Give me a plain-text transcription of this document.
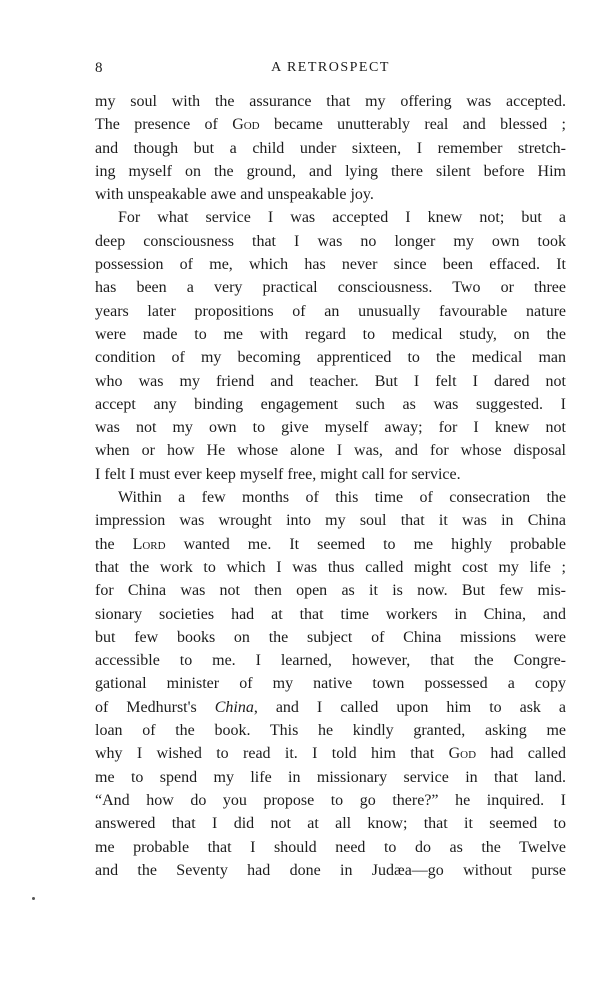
8	A RETROSPECT
my soul with the assurance that my offering was accepted.
The presence of God became unutterably real and blessed ;
and though but a child under sixteen, I remember stretch-
ing myself on the ground, and lying there silent before Him
with unspeakable awe and unspeakable joy.
For what service I was accepted I knew not; but a
deep consciousness that I was no longer my own took
possession of me, which has never since been effaced. It
has been a very practical consciousness. Two or three
years later propositions of an unusually favourable nature
were made to me with regard to medical study, on the
condition of my becoming apprenticed to the medical man
who was my friend and teacher. But I felt I dared not
accept any binding engagement such as was suggested. I
was not my own to give myself away; for I knew not
when or how He whose alone I was, and for whose disposal
I felt I must ever keep myself free, might call for service.
Within a few months of this time of consecration the
impression was wrought into my soul that it was in China
the Lord wanted me. It seemed to me highly probable
that the work to which I was thus called might cost my life ;
for China was not then open as it is now. But few mis-
sionary societies had at that time workers in China, and
but few books on the subject of China missions were
accessible to me. I learned, however, that the Congre-
gational minister of my native town possessed a copy
of Medhurst's China, and I called upon him to ask a
loan of the book. This he kindly granted, asking me
why I wished to read it. I told him that God had called
me to spend my life in missionary service in that land.
“And how do you propose to go there?” he inquired. I
answered that I did not at all know; that it seemed to
me probable that I should need to do as the Twelve
and the Seventy had done in Judæa—go without purse
